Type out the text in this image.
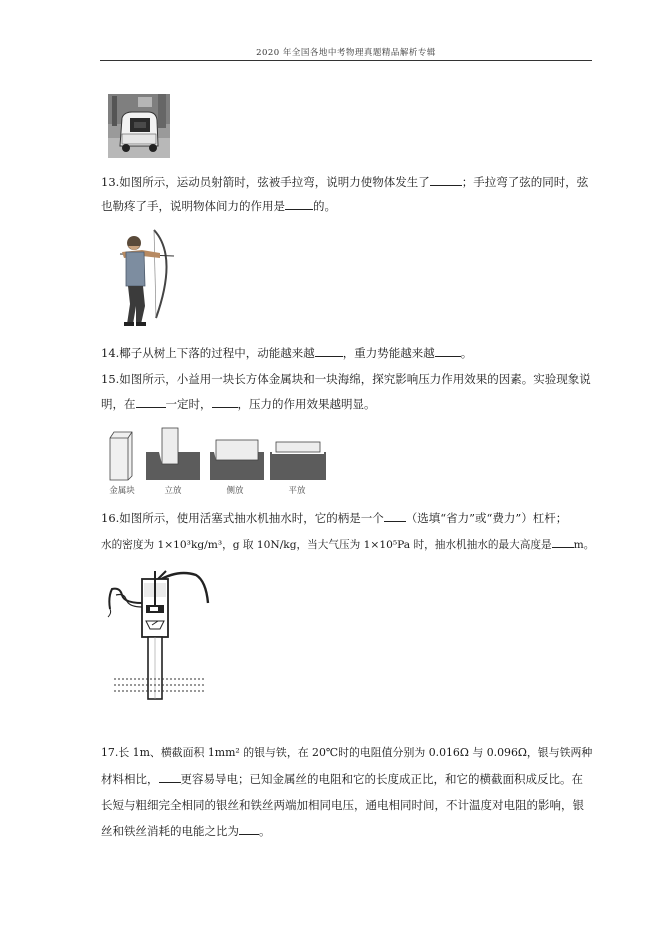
2020 年全国各地中考物理真题精品解析专辑
13.如图所示，运动员射箭时，弦被手拉弯，说明力使物体发生了	；手拉弯了弦的同时，弦
也勒疼了手，说明物体间力的作用是 的。
14.椰子从树上下落的过程中，动能越来越 ，重力势能越来越 。
15.如图所示，小益用一块长方体金属块和一块海绵，探究影响压力作用效果的因素。实验现象说
明，在	一定时， ，压力的作用效果越明显。
金属块	立放	侧放	平放
16.如图所示，使用活塞式抽水机抽水时，它的柄是一个 （选填“省力”或“费力”）杠杆；
水的密度为 1×10³kg/m³，g 取 10N/kg，当大气压为 1×10⁵Pa 时，抽水机抽水的最大高度是 m。
17.长 1m、横截面积 1mm² 的银与铁，在 20℃时的电阻值分别为 0.016Ω 与 0.096Ω，银与铁两种
材料相比， 更容易导电；已知金属丝的电阻和它的长度成正比，和它的横截面积成反比。在
长短与粗细完全相同的银丝和铁丝两端加相同电压，通电相同时间，不计温度对电阻的影响，银
丝和铁丝消耗的电能之比为 。
